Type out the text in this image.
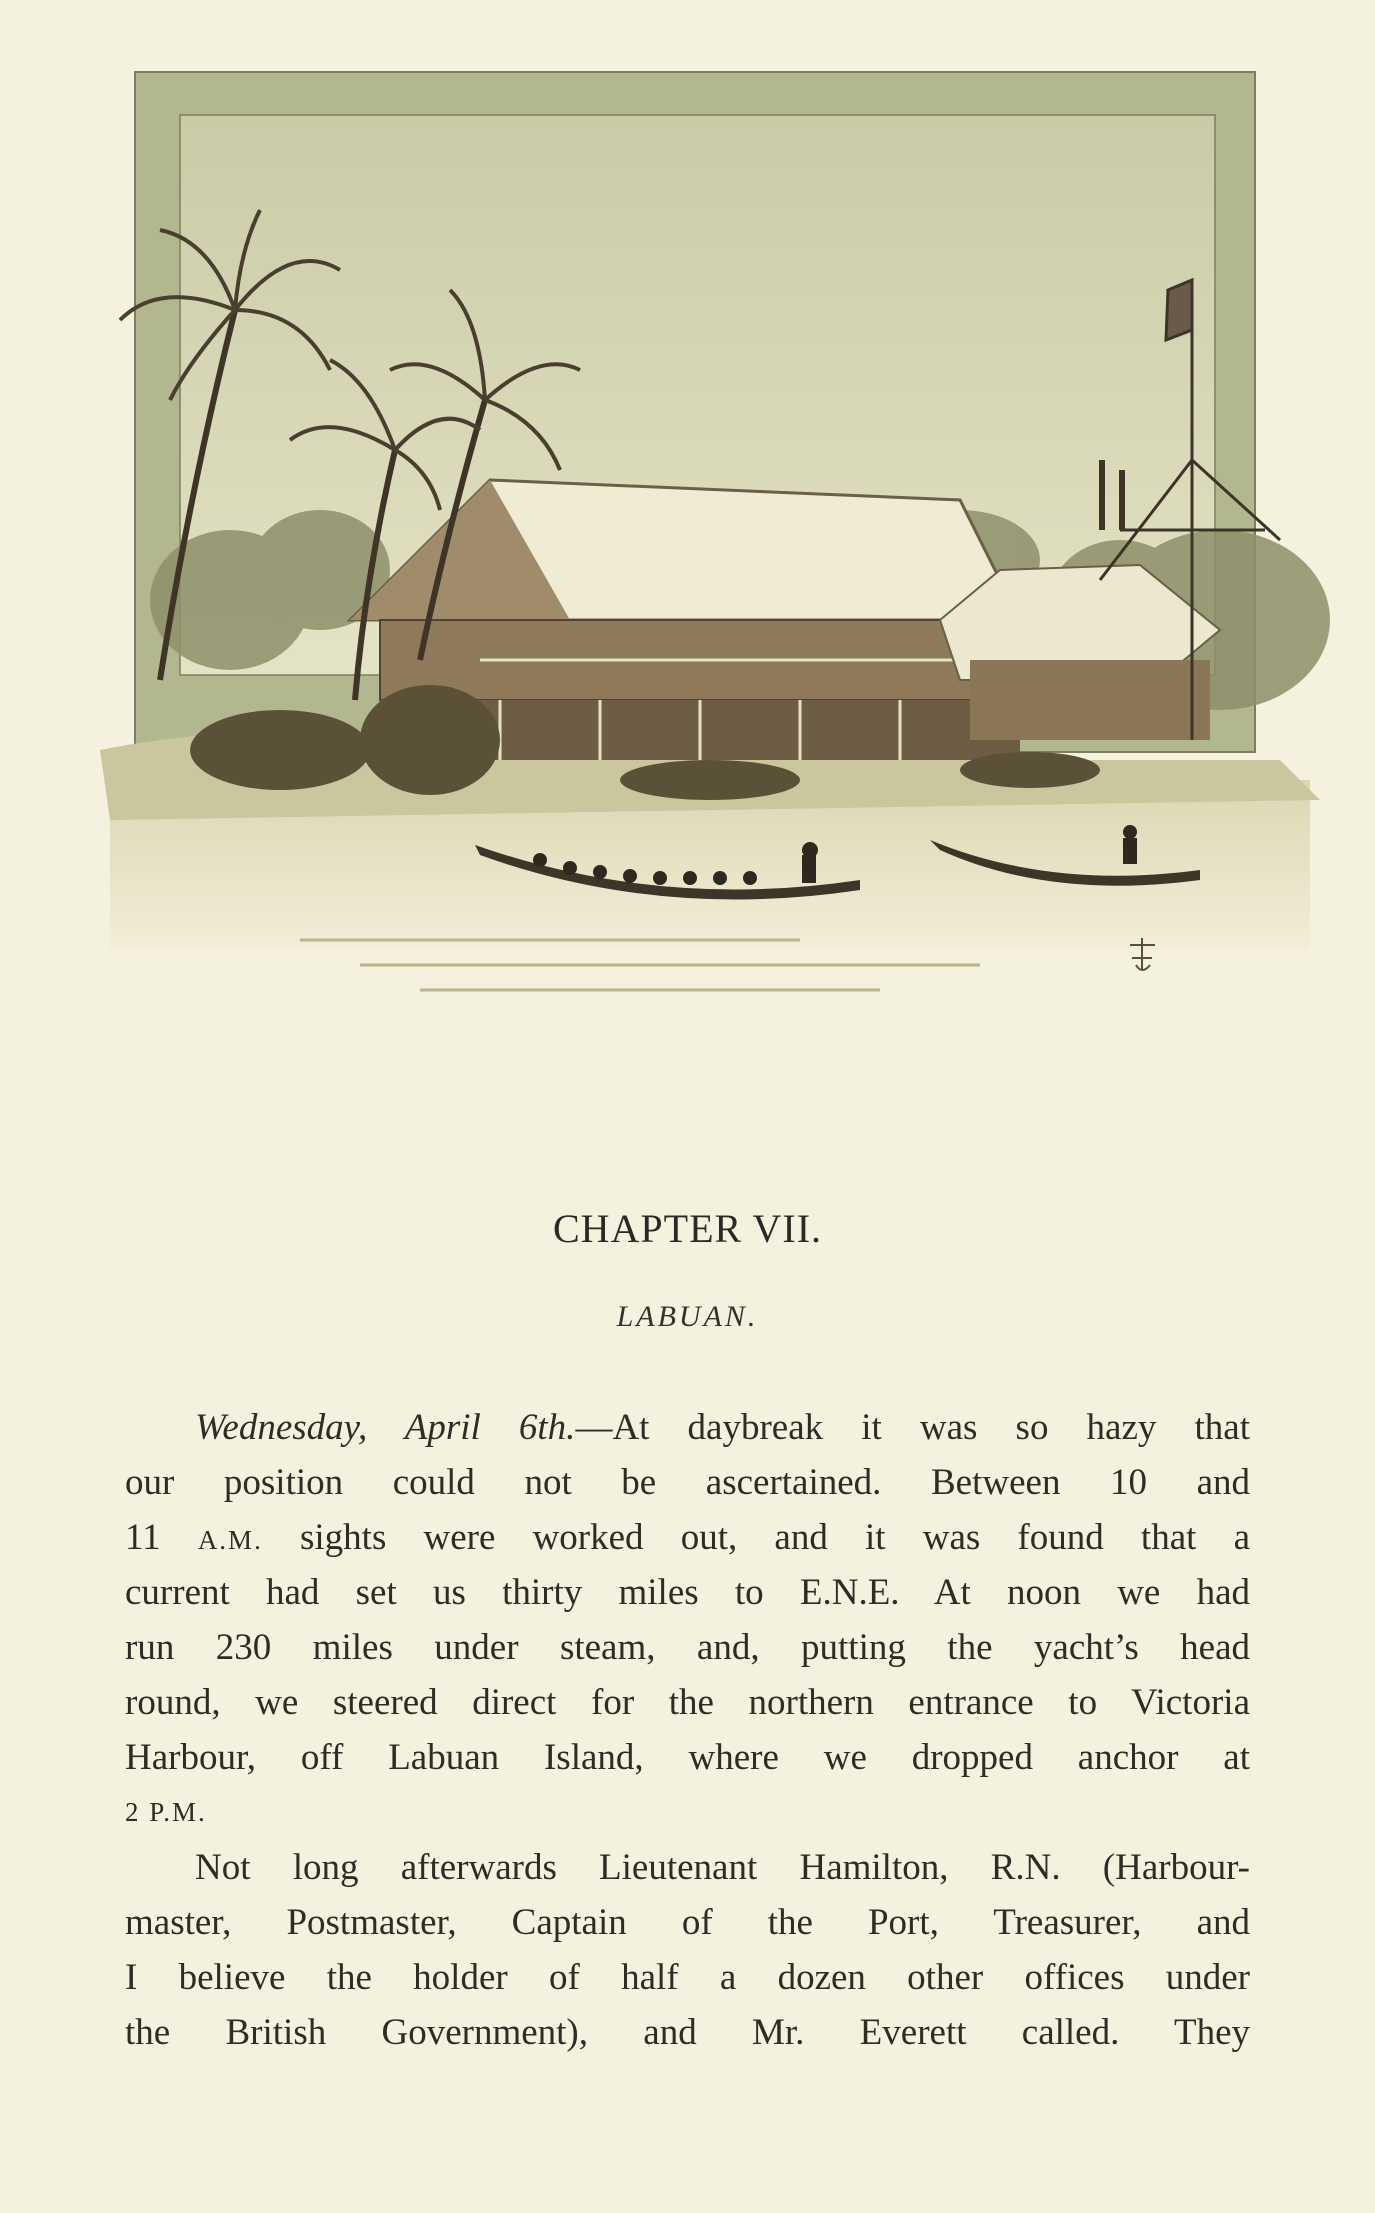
CHAPTER VII.
LABUAN.
Wednesday, April 6th.—At daybreak it was so hazy that
our position could not be ascertained. Between 10 and
11 A.M. sights were worked out, and it was found that a
current had set us thirty miles to E.N.E. At noon we had
run 230 miles under steam, and, putting the yacht’s head
round, we steered direct for the northern entrance to Victoria
Harbour, off Labuan Island, where we dropped anchor at
2 P.M.
Not long afterwards Lieutenant Hamilton, R.N. (Harbour-
master, Postmaster, Captain of the Port, Treasurer, and
I believe the holder of half a dozen other offices under
the British Government), and Mr. Everett called. They
